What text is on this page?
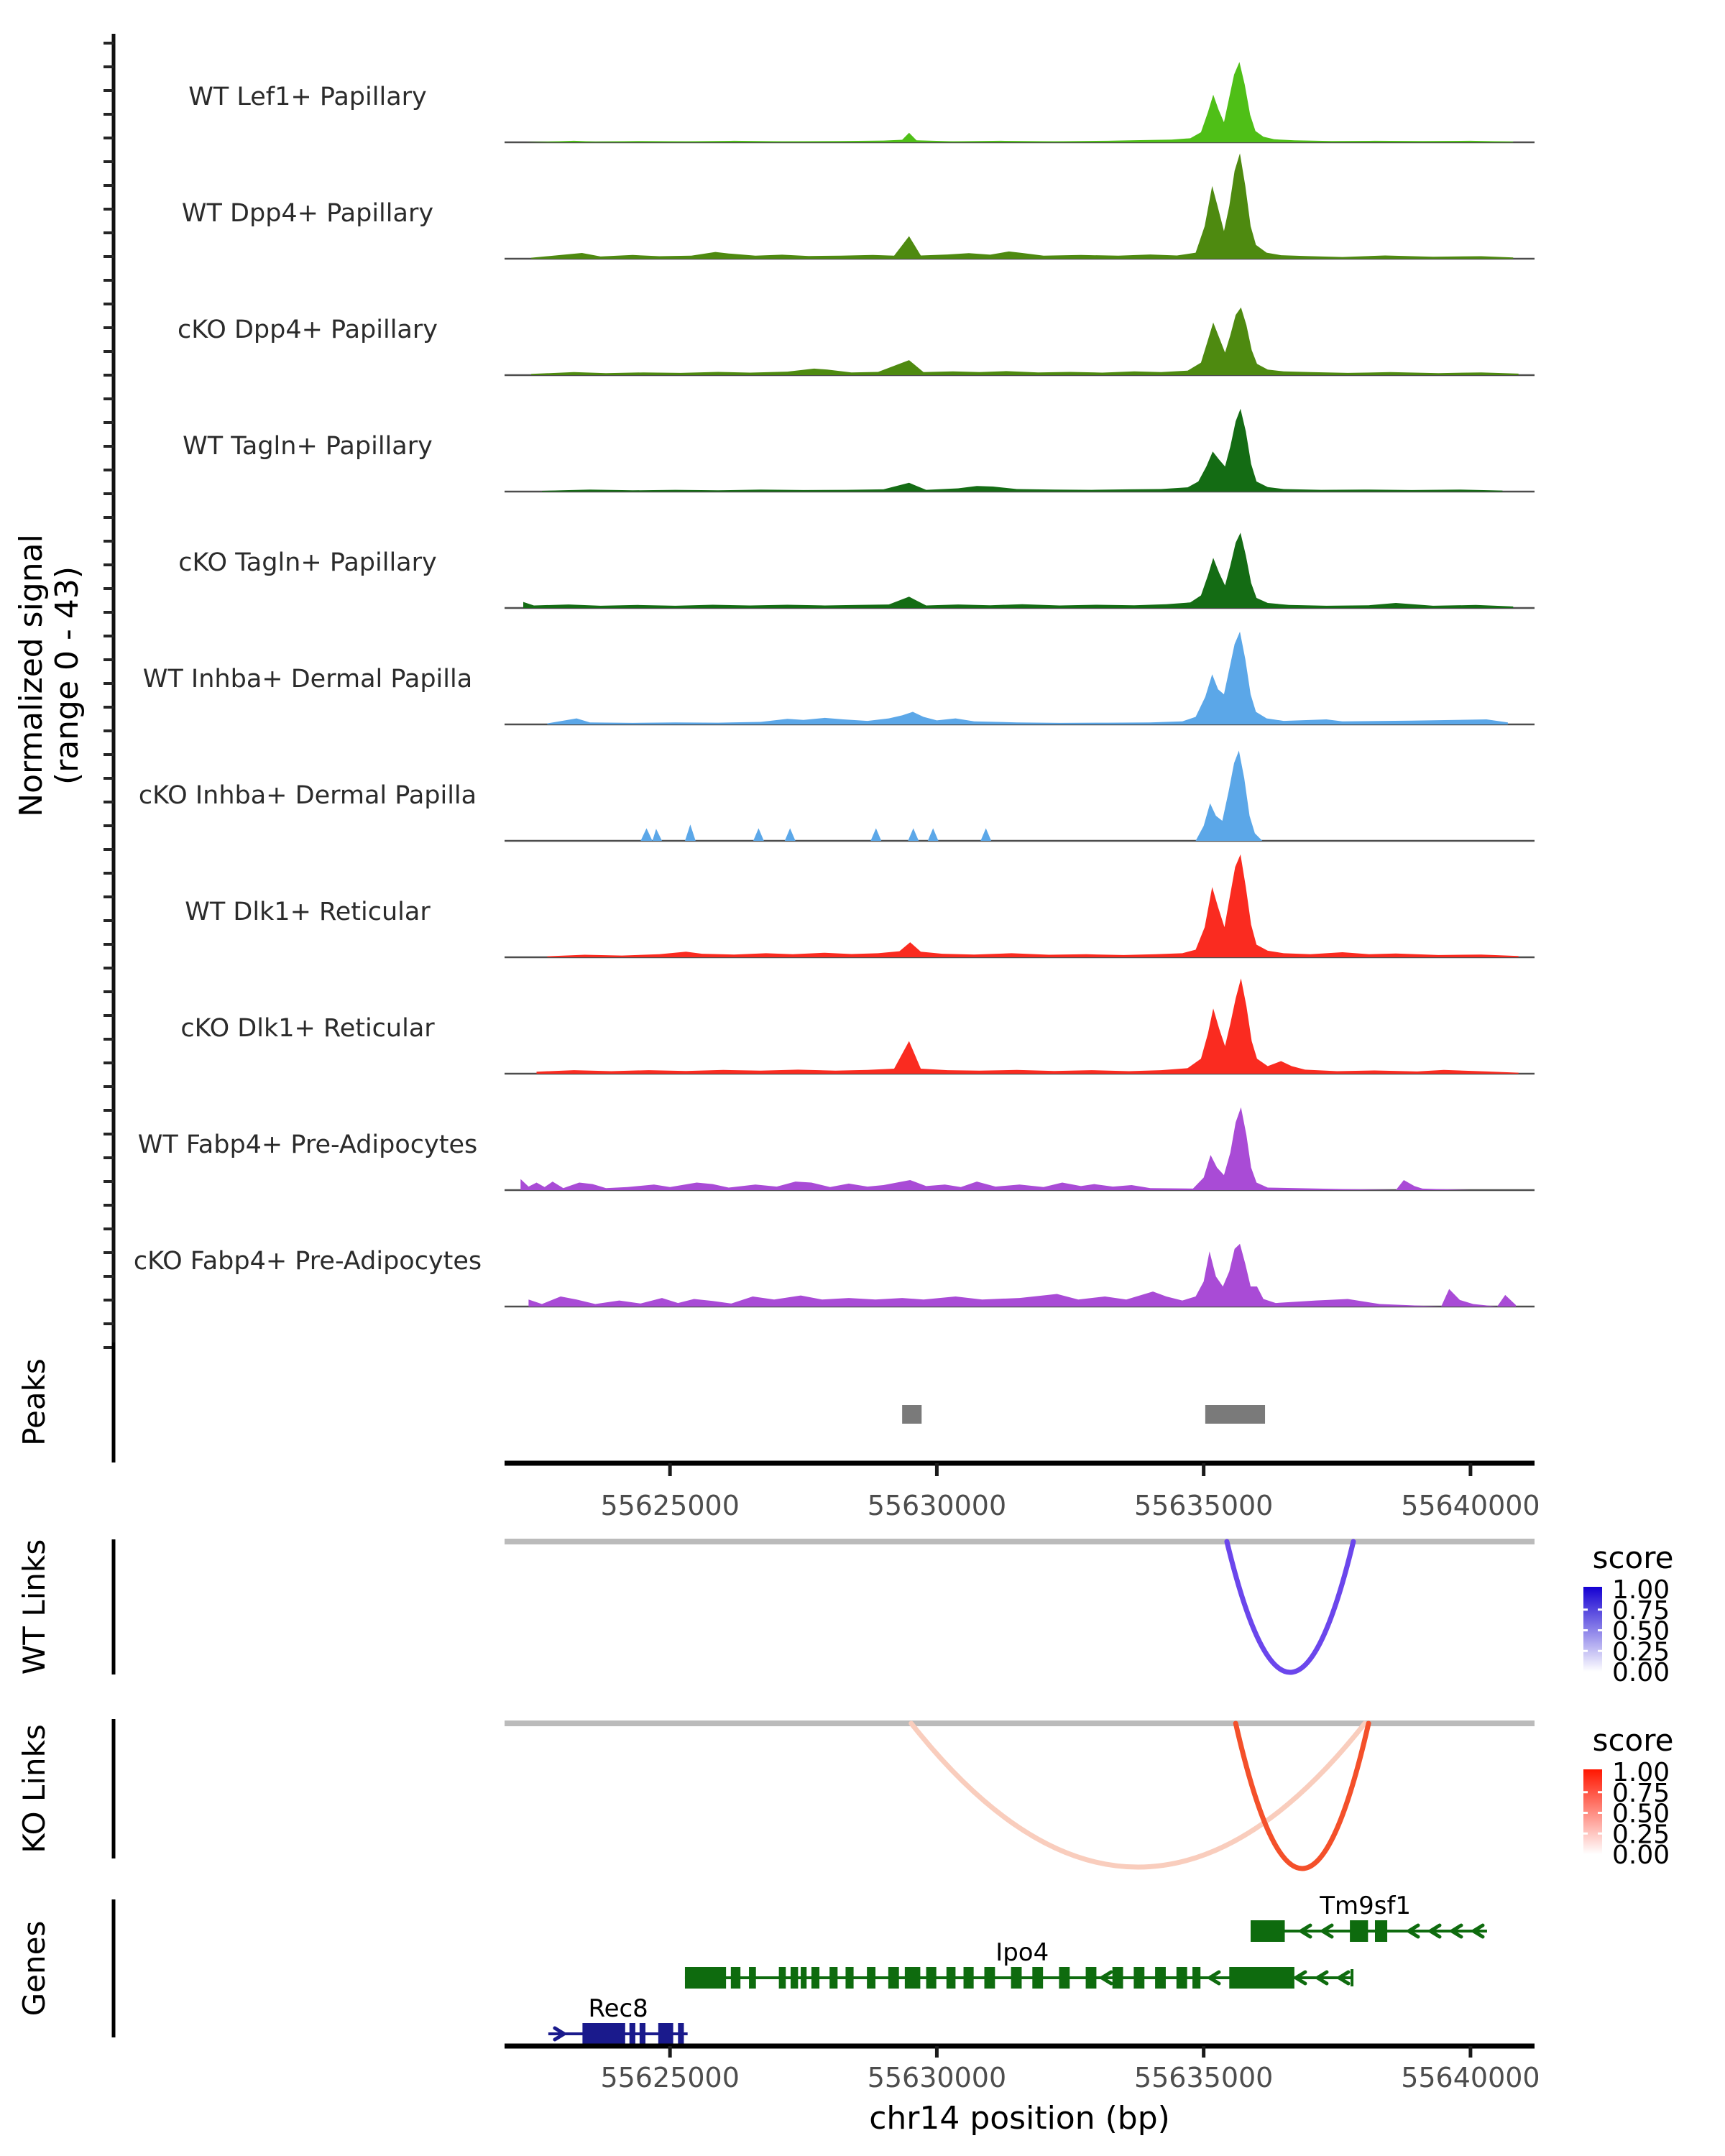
Normalized signal (range 0 - 43)
Peaks
WT Links
KO Links
Genes
WT Lef1+ Papillary
WT Dpp4+ Papillary
cKO Dpp4+ Papillary
WT Tagln+ Papillary
cKO Tagln+ Papillary
WT Inhba+ Dermal Papilla
cKO Inhba+ Dermal Papilla
WT Dlk1+ Reticular
cKO Dlk1+ Reticular
WT Fabp4+ Pre-Adipocytes
cKO Fabp4+ Pre-Adipocytes
55625000	55630000	55635000	55640000
Tm9sf1
Ipo4
Rec8
55625000	55630000	55635000	55640000
chr14 position (bp)
score
1.00
0.75
0.50
0.25
0.00
score
1.00
0.75
0.50
0.25
0.00
